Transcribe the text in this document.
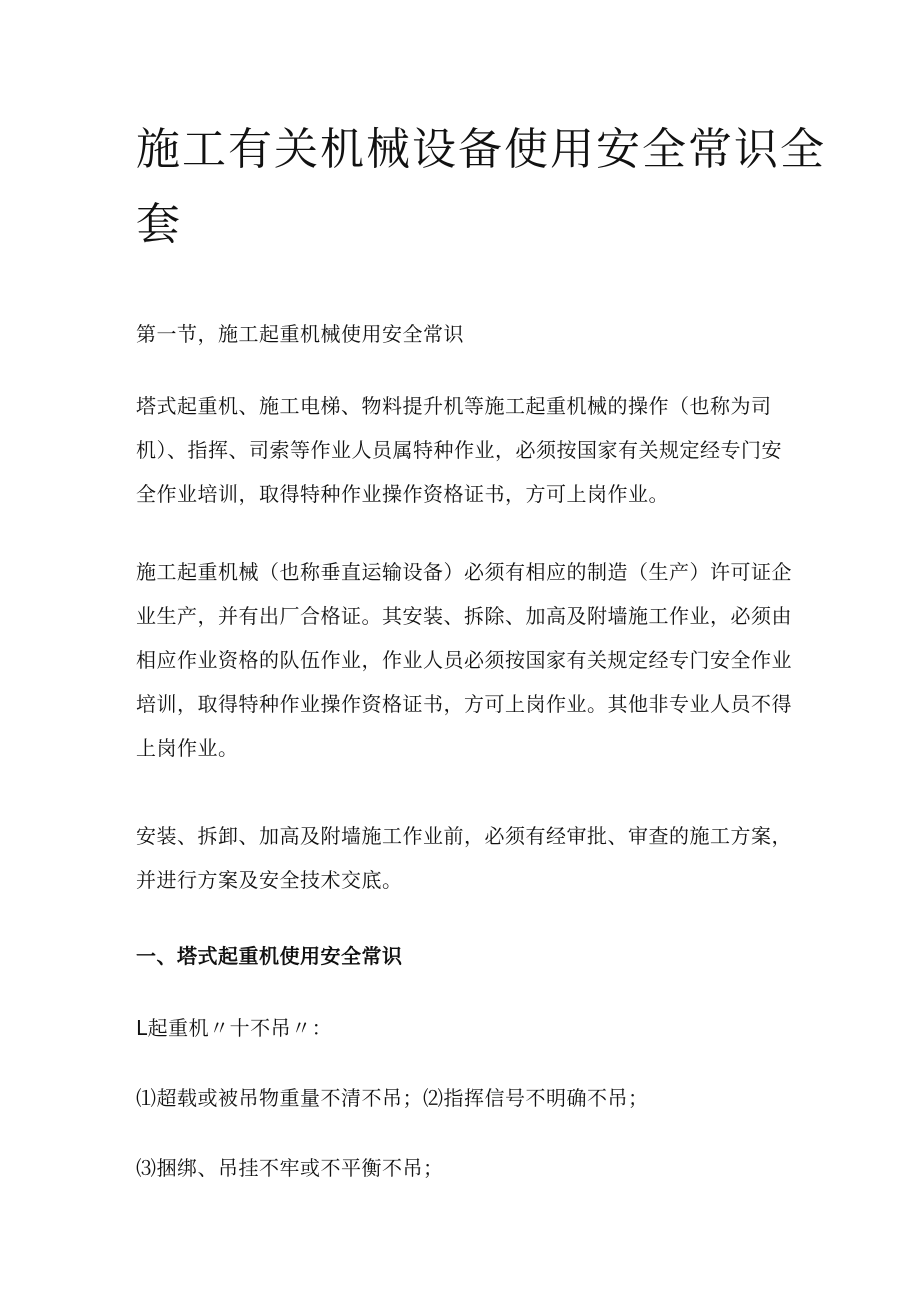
施工有关机械设备使用安全常识全
套

第一节，施工起重机械使用安全常识

塔式起重机、施工电梯、物料提升机等施工起重机械的操作（也称为司
机）、指挥、司索等作业人员属特种作业，必须按国家有关规定经专门安
全作业培训，取得特种作业操作资格证书，方可上岗作业。

施工起重机械（也称垂直运输设备）必须有相应的制造（生产）许可证企
业生产，并有出厂合格证。其安装、拆除、加高及附墙施工作业，必须由
相应作业资格的队伍作业，作业人员必须按国家有关规定经专门安全作业
培训，取得特种作业操作资格证书，方可上岗作业。其他非专业人员不得
上岗作业。

安装、拆卸、加高及附墙施工作业前，必须有经审批、审查的施工方案，
并进行方案及安全技术交底。

一、塔式起重机使用安全常识

L起重机〃十不吊〃：

⑴超载或被吊物重量不清不吊；⑵指挥信号不明确不吊；

⑶捆绑、吊挂不牢或不平衡不吊；
